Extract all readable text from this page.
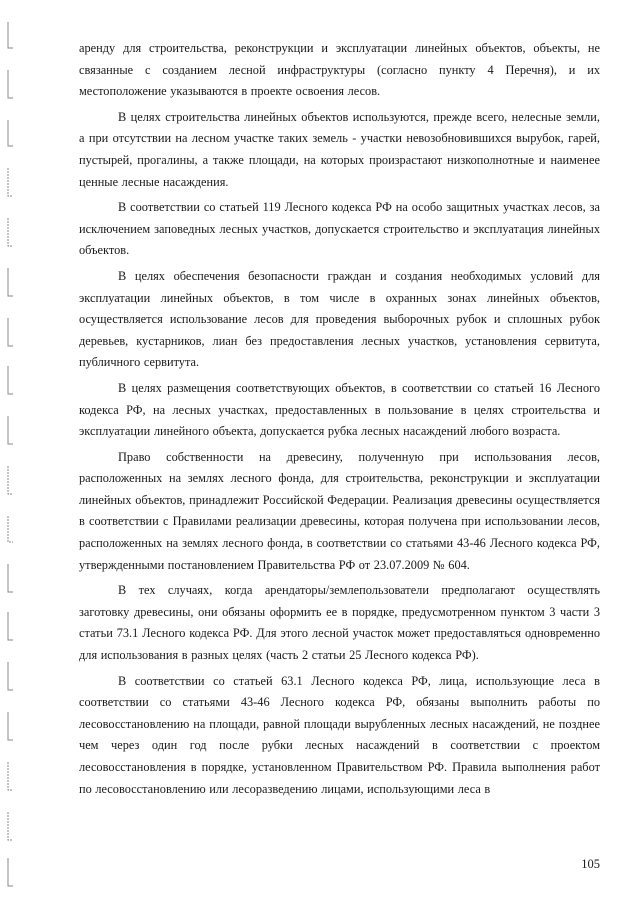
аренду для строительства, реконструкции и эксплуатации линейных объектов, объекты, не связанные с созданием лесной инфраструктуры (согласно пункту 4 Перечня), и их местоположение указываются в проекте освоения лесов.

В целях строительства линейных объектов используются, прежде всего, нелесные земли, а при отсутствии на лесном участке таких земель - участки невозобновившихся вырубок, гарей, пустырей, прогалины, а также площади, на которых произрастают низкополнотные и наименее ценные лесные насаждения.

В соответствии со статьей 119 Лесного кодекса РФ на особо защитных участках лесов, за исключением заповедных лесных участков, допускается строительство и эксплуатация линейных объектов.

В целях обеспечения безопасности граждан и создания необходимых условий для эксплуатации линейных объектов, в том числе в охранных зонах линейных объектов, осуществляется использование лесов для проведения выборочных рубок и сплошных рубок деревьев, кустарников, лиан без предоставления лесных участков, установления сервитута, публичного сервитута.

В целях размещения соответствующих объектов, в соответствии со статьей 16 Лесного кодекса РФ, на лесных участках, предоставленных в пользование в целях строительства и эксплуатации линейного объекта, допускается рубка лесных насаждений любого возраста.

Право собственности на древесину, полученную при использования лесов, расположенных на землях лесного фонда, для строительства, реконструкции и эксплуатации линейных объектов, принадлежит Российской Федерации. Реализация древесины осуществляется в соответствии с Правилами реализации древесины, которая получена при использовании лесов, расположенных на землях лесного фонда, в соответствии со статьями 43-46 Лесного кодекса РФ, утвержденными постановлением Правительства РФ от 23.07.2009 № 604.

В тех случаях, когда арендаторы/землепользователи предполагают осуществлять заготовку древесины, они обязаны оформить ее в порядке, предусмотренном пунктом 3 части 3 статьи 73.1 Лесного кодекса РФ. Для этого лесной участок может предоставляться одновременно для использования в разных целях (часть 2 статьи 25 Лесного кодекса РФ).

В соответствии со статьей 63.1 Лесного кодекса РФ, лица, использующие леса в соответствии со статьями 43-46 Лесного кодекса РФ, обязаны выполнить работы по лесовосстановлению на площади, равной площади вырубленных лесных насаждений, не позднее чем через один год после рубки лесных насаждений в соответствии с проектом лесовосстановления в порядке, установленном Правительством РФ. Правила выполнения работ по лесовосстановлению или лесоразведению лицами, использующими леса в

105
